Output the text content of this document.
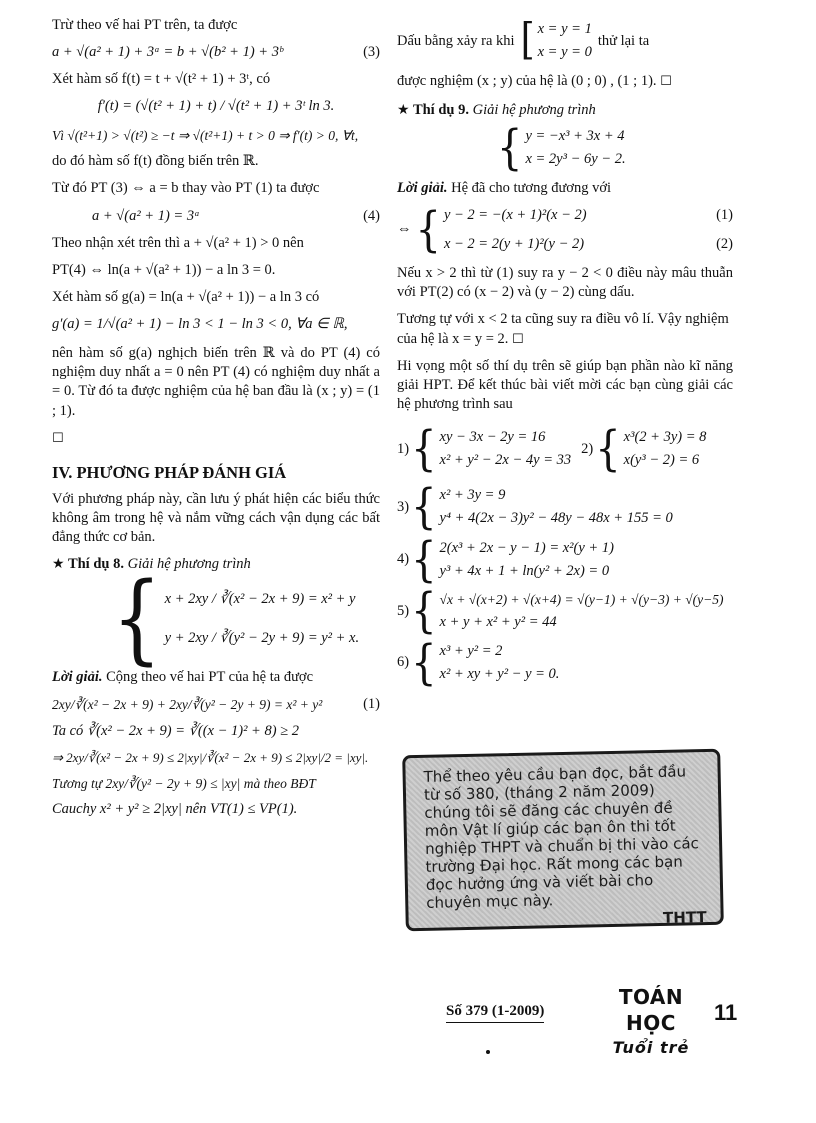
Trừ theo vế hai PT trên, ta được

a + √(a² + 1) + 3ᵃ = b + √(b² + 1) + 3ᵇ	(3)

Xét hàm số f(t) = t + √(t² + 1) + 3ᵗ, có

f′(t) = (√(t² + 1) + t) / √(t² + 1) + 3ᵗ ln 3.

Vì √(t²+1) > √(t²) ≥ −t ⇒ √(t²+1) + t > 0 ⇒ f′(t) > 0, ∀t,

do đó hàm số f(t) đồng biến trên ℝ.

Từ đó PT (3) ⇔ a = b thay vào PT (1) ta được

a + √(a² + 1) = 3ᵃ	(4)

Theo nhận xét trên thì a + √(a² + 1) > 0 nên

PT(4) ⇔ ln(a + √(a² + 1)) − a ln 3 = 0.

Xét hàm số g(a) = ln(a + √(a² + 1)) − a ln 3 có

g′(a) = 1/√(a² + 1) − ln 3 < 1 − ln 3 < 0, ∀a ∈ ℝ,

nên hàm số g(a) nghịch biến trên ℝ và do PT (4) có nghiệm duy nhất a = 0 nên PT (4) có nghiệm duy nhất a = 0. Từ đó ta được nghiệm của hệ ban đầu là (x ; y) = (1 ; 1).

☐
IV. PHƯƠNG PHÁP ĐÁNH GIÁ

Với phương pháp này, cần lưu ý phát hiện các biểu thức không âm trong hệ và nắm vững cách vận dụng các bất đẳng thức cơ bản.

★ Thí dụ 8. Giải hệ phương trình
{ x + 2xy / ∛(x² − 2x + 9) = x² + y
y + 2xy / ∛(y² − 2y + 9) = y² + x.

Lời giải. Cộng theo vế hai PT của hệ ta được

2xy/∛(x² − 2x + 9) + 2xy/∛(y² − 2y + 9) = x² + y²	(1)

Ta có ∛(x² − 2x + 9) = ∛((x − 1)² + 8) ≥ 2

⇒ 2xy/∛(x² − 2x + 9) ≤ 2|xy|/∛(x² − 2x + 9) ≤ 2|xy|/2 = |xy|.

Tương tự 2xy/∛(y² − 2y + 9) ≤ |xy| mà theo BĐT

Cauchy x² + y² ≥ 2|xy| nên VT(1) ≤ VP(1).

Dấu bằng xảy ra khi [ x = y = 1
x = y = 0
thử lại ta

được nghiệm (x ; y) của hệ là (0 ; 0) , (1 ; 1). ☐

★ Thí dụ 9. Giải hệ phương trình
{ y = −x³ + 3x + 4
x = 2y³ − 6y − 2.

Lời giải. Hệ đã cho tương đương với

⇔ { y − 2 = −(x + 1)²(x − 2)	(1)
x − 2 = 2(y + 1)²(y − 2)	(2)

Nếu x > 2 thì từ (1) suy ra y − 2 < 0 điều này mâu thuẫn với PT(2) có (x − 2) và (y − 2) cùng dấu.

Tương tự với x < 2 ta cũng suy ra điều vô lí. Vậy nghiệm của hệ là x = y = 2. ☐

Hi vọng một số thí dụ trên sẽ giúp bạn phần nào kĩ năng giải HPT. Để kết thúc bài viết mời các bạn cùng giải các hệ phương trình sau

1) { xy − 3x − 2y = 16
x² + y² − 2x − 4y = 33
2) { x³(2 + 3y) = 8
x(y³ − 2) = 6
3) { x² + 3y = 9
y⁴ + 4(2x − 3)y² − 48y − 48x + 155 = 0
4) { 2(x³ + 2x − y − 1) = x²(y + 1)
y³ + 4x + 1 + ln(y² + 2x) = 0
5) { √x + √(x+2) + √(x+4) = √(y−1) + √(y−3) + √(y−5)
x + y + x² + y² = 44
6) { x³ + y² = 2
x² + xy + y² − y = 0.
Thể theo yêu cầu bạn đọc, bắt đầu từ số 380, (tháng 2 năm 2009) chúng tôi sẽ đăng các chuyên đề môn Vật lí giúp các bạn ôn thi tốt nghiệp THPT và chuẩn bị thi vào các trường Đại học. Rất mong các bạn đọc hưởng ứng và viết bài cho chuyên mục này.
THTT
Số 379 (1-2009)
TOÁN HỌC
Tuổi trẻ
11
